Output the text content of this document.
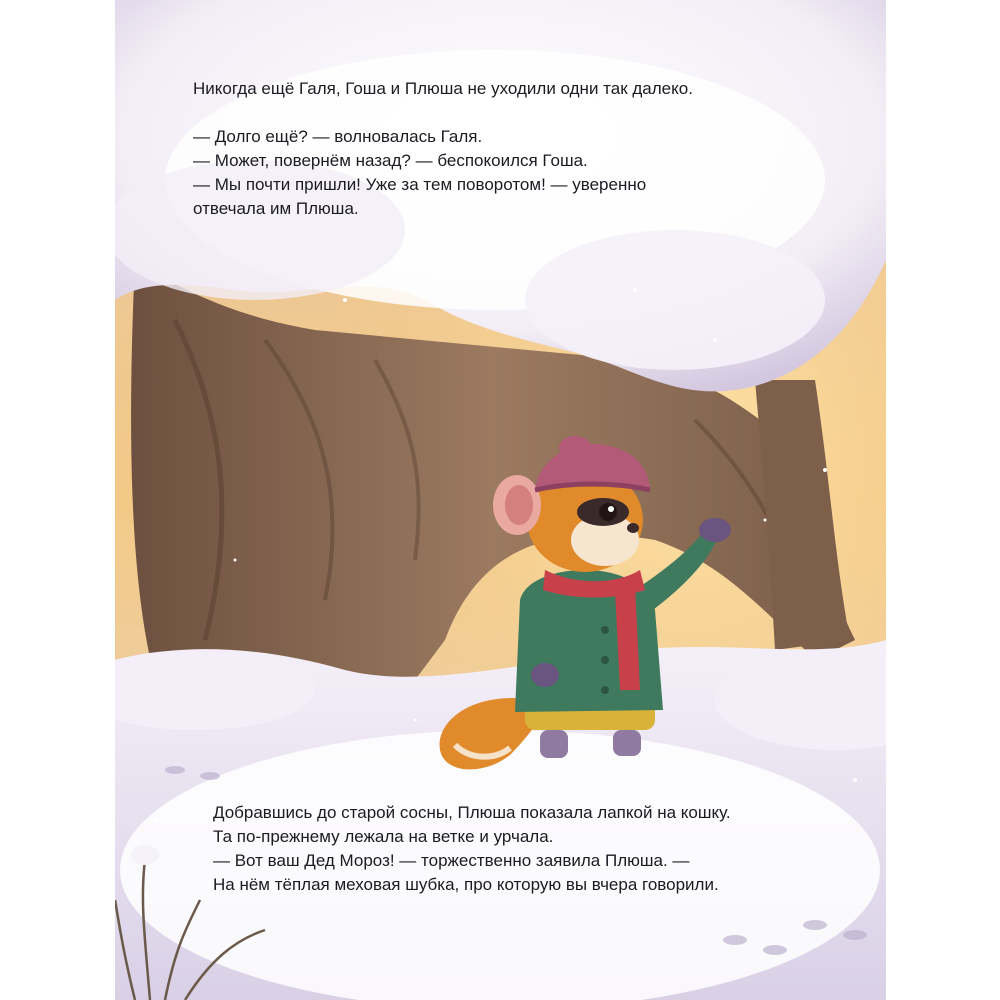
Никогда ещё Галя, Гоша и Плюша не уходили одни так далеко.

— Долго ещё? — волновалась Галя.

— Может, повернём назад? — беспокоился Гоша.

— Мы почти пришли! Уже за тем поворотом! — уверенно

отвечала им Плюша.

Добравшись до старой сосны, Плюша показала лапкой на кошку.

Та по-прежнему лежала на ветке и урчала.

— Вот ваш Дед Мороз! — торжественно заявила Плюша. —

На нём тёплая меховая шубка, про которую вы вчера говорили.
